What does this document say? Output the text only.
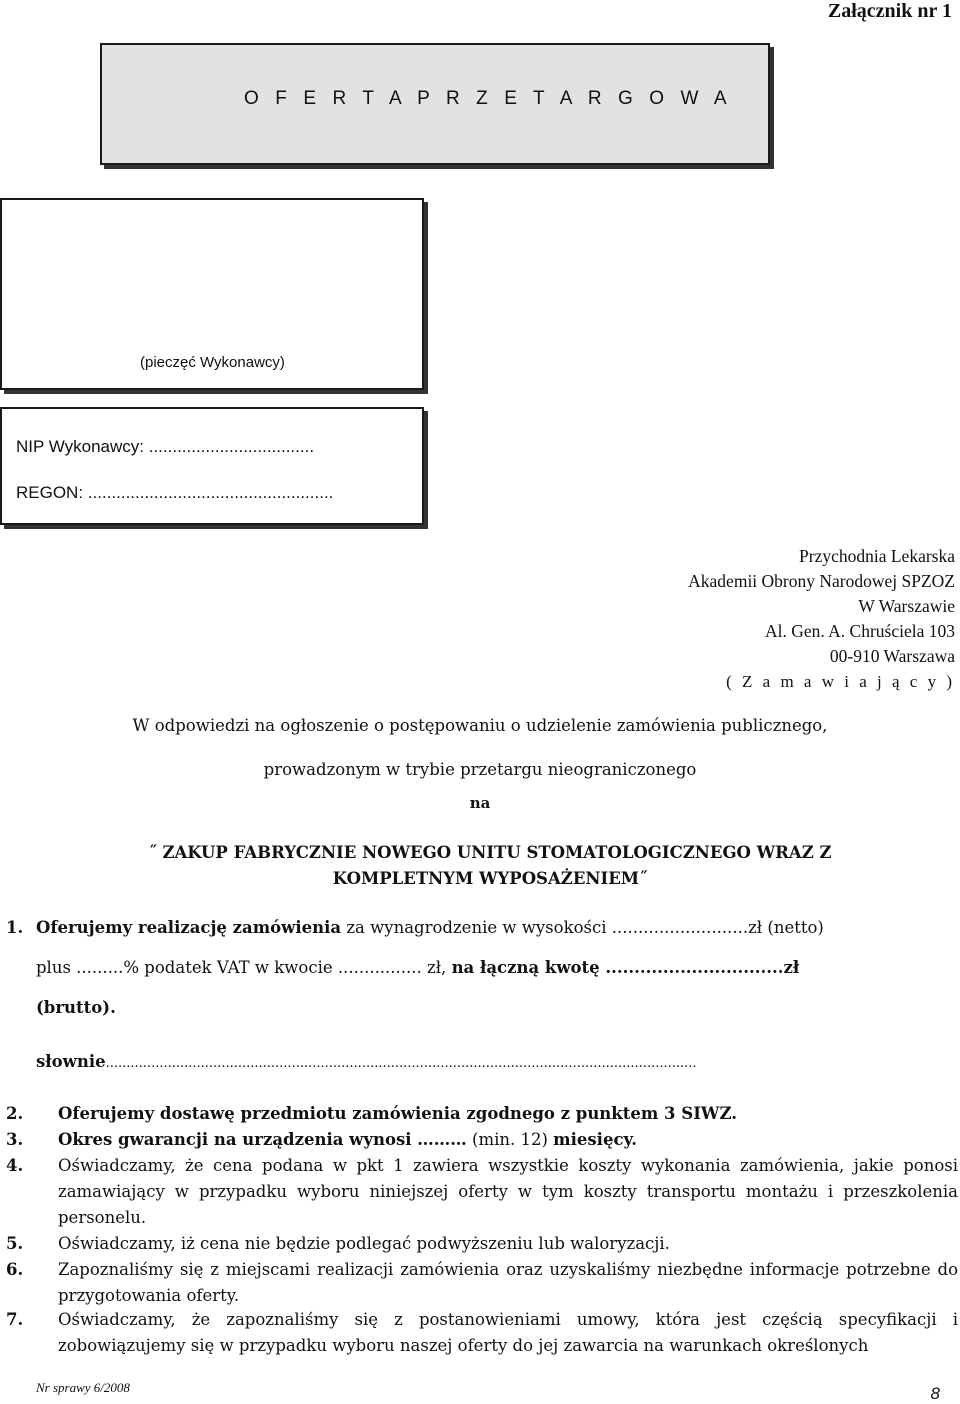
Załącznik nr 1
O F E R T A P R Z E T A R G O W A
(pieczęć Wykonawcy)
NIP Wykonawcy: ...................................
REGON: ....................................................
Przychodnia Lekarska
Akademii Obrony Narodowej SPZOZ
W Warszawie
Al. Gen. A. Chruściela 103
00-910 Warszawa
( Z a m a w i a j ą c y )
W odpowiedzi na ogłoszenie o postępowaniu o udzielenie zamówienia publicznego,
prowadzonym w trybie przetargu nieograniczonego
na
˝ ZAKUP FABRYCZNIE NOWEGO UNITU STOMATOLOGICZNEGO WRAZ Z
KOMPLETNYM WYPOSAŻENIEM˝
1. Oferujemy realizację zamówienia za wynagrodzenie w wysokości ..........................zł (netto)
plus .........% podatek VAT w kwocie ................ zł, na łączną kwotę ...............................zł
(brutto).
słownie...............................................................................................................................................
2. Oferujemy dostawę przedmiotu zamówienia zgodnego z punktem 3 SIWZ.
3. Okres gwarancji na urządzenia wynosi ……… (min. 12) miesięcy.
4. Oświadczamy, że cena podana w pkt 1 zawiera wszystkie koszty wykonania zamówienia, jakie ponosi zamawiający w przypadku wyboru niniejszej oferty w tym koszty transportu montażu i przeszkolenia personelu.
5. Oświadczamy, iż cena nie będzie podlegać podwyższeniu lub waloryzacji.
6. Zapoznaliśmy się z miejscami realizacji zamówienia oraz uzyskaliśmy niezbędne informacje potrzebne do przygotowania oferty.
7. Oświadczamy, że zapoznaliśmy się z postanowieniami umowy, która jest częścią specyfikacji i zobowiązujemy się w przypadku wyboru naszej oferty do jej zawarcia na warunkach określonych
Nr sprawy 6/2008	8
